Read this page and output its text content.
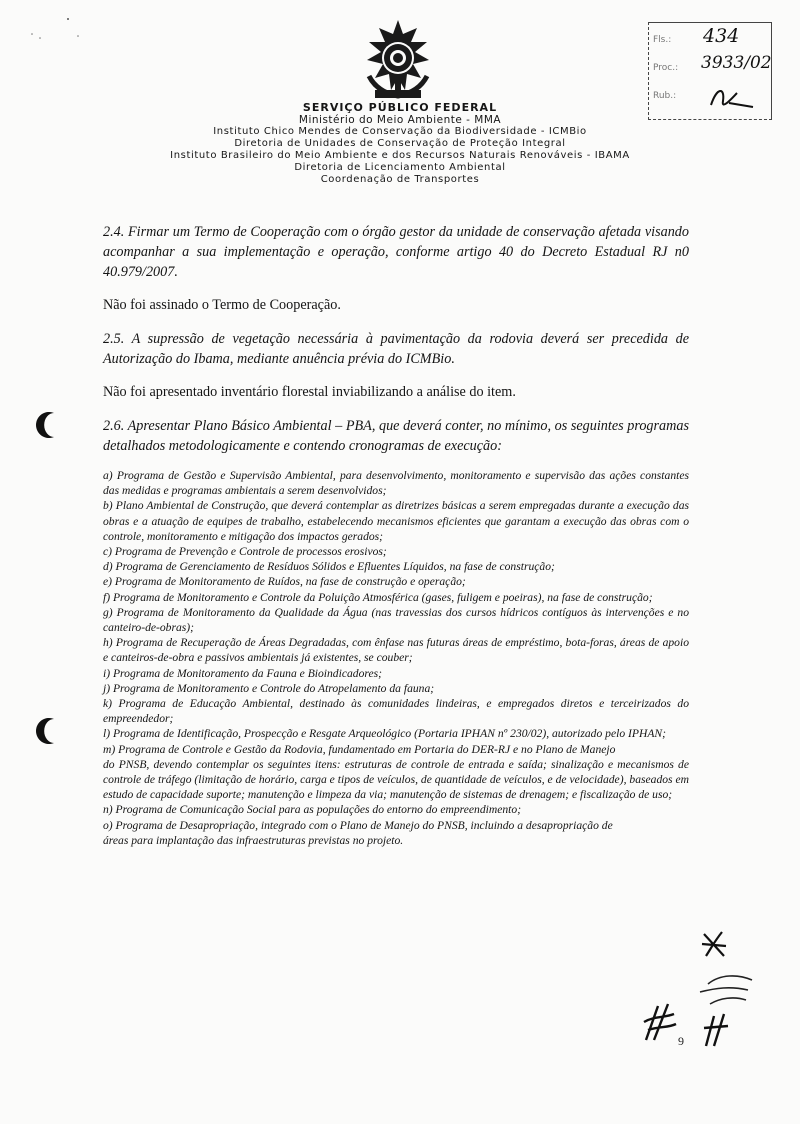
SERVIÇO PÚBLICO FEDERAL
Ministério do Meio Ambiente - MMA
Instituto Chico Mendes de Conservação da Biodiversidade - ICMBio
Diretoria de Unidades de Conservação de Proteção Integral
Instituto Brasileiro do Meio Ambiente e dos Recursos Naturais Renováveis - IBAMA
Diretoria de Licenciamento Ambiental
Coordenação de Transportes
Fls.: 434
Proc.: 3933/02
Rub.:

2.4. Firmar um Termo de Cooperação com o órgão gestor da unidade de conservação afetada visando acompanhar a sua implementação e operação, conforme artigo 40 do Decreto Estadual RJ n0 40.979/2007.

Não foi assinado o Termo de Cooperação.

2.5. A supressão de vegetação necessária à pavimentação da rodovia deverá ser precedida de Autorização do Ibama, mediante anuência prévia do ICMBio.

Não foi apresentado inventário florestal inviabilizando a análise do item.

2.6. Apresentar Plano Básico Ambiental – PBA, que deverá conter, no mínimo, os seguintes programas detalhados metodologicamente e contendo cronogramas de execução:

a) Programa de Gestão e Supervisão Ambiental, para desenvolvimento, monitoramento e supervisão das ações constantes das medidas e programas ambientais a serem desenvolvidos;
b) Plano Ambiental de Construção, que deverá contemplar as diretrizes básicas a serem empregadas durante a execução das obras e a atuação de equipes de trabalho, estabelecendo mecanismos eficientes que garantam a execução das obras com o controle, monitoramento e mitigação dos impactos gerados;
c) Programa de Prevenção e Controle de processos erosivos;
d) Programa de Gerenciamento de Resíduos Sólidos e Efluentes Líquidos, na fase de construção;
e) Programa de Monitoramento de Ruídos, na fase de construção e operação;
f) Programa de Monitoramento e Controle da Poluição Atmosférica (gases, fuligem e poeiras), na fase de construção;
g) Programa de Monitoramento da Qualidade da Água (nas travessias dos cursos hídricos contíguos às intervenções e no canteiro-de-obras);
h) Programa de Recuperação de Áreas Degradadas, com ênfase nas futuras áreas de empréstimo, bota-foras, áreas de apoio e canteiros-de-obra e passivos ambientais já existentes, se couber;
i) Programa de Monitoramento da Fauna e Bioindicadores;
j) Programa de Monitoramento e Controle do Atropelamento da fauna;
k) Programa de Educação Ambiental, destinado às comunidades lindeiras, e empregados diretos e terceirizados do empreendedor;
l) Programa de Identificação, Prospecção e Resgate Arqueológico (Portaria IPHAN nº 230/02), autorizado pelo IPHAN;
m) Programa de Controle e Gestão da Rodovia, fundamentado em Portaria do DER-RJ e no Plano de Manejo
do PNSB, devendo contemplar os seguintes itens: estruturas de controle de entrada e saída; sinalização e mecanismos de controle de tráfego (limitação de horário, carga e tipos de veículos, de quantidade de veículos, e de velocidade), baseados em estudo de capacidade suporte; manutenção e limpeza da via; manutenção de sistemas de drenagem; e fiscalização de uso;
n) Programa de Comunicação Social para as populações do entorno do empreendimento;
o) Programa de Desapropriação, integrado com o Plano de Manejo do PNSB, incluindo a desapropriação de
áreas para implantação das infraestruturas previstas no projeto.
9
